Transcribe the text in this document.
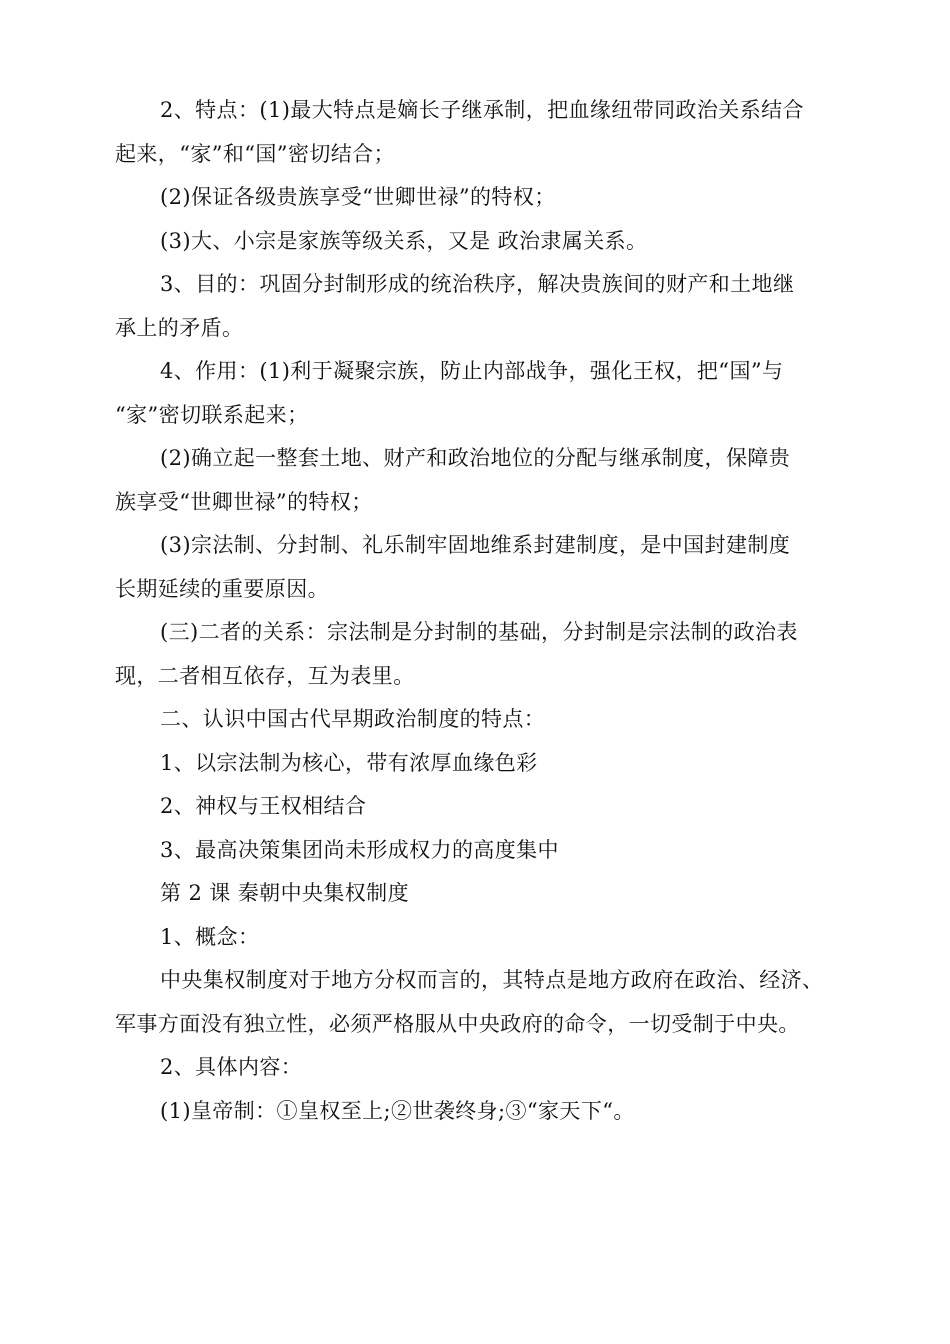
2、特点：(1)最大特点是嫡长子继承制，把血缘纽带同政治关系结合
起来，“家”和“国”密切结合；
(2)保证各级贵族享受“世卿世禄”的特权；
(3)大、小宗是家族等级关系，又是 政治隶属关系。
3、目的：巩固分封制形成的统治秩序，解决贵族间的财产和土地继
承上的矛盾。
4、作用：(1)利于凝聚宗族，防止内部战争，强化王权，把“国”与
“家”密切联系起来；
(2)确立起一整套土地、财产和政治地位的分配与继承制度，保障贵
族享受“世卿世禄”的特权；
(3)宗法制、分封制、礼乐制牢固地维系封建制度，是中国封建制度
长期延续的重要原因。
(三)二者的关系：宗法制是分封制的基础，分封制是宗法制的政治表
现，二者相互依存，互为表里。
二、认识中国古代早期政治制度的特点：
1、以宗法制为核心，带有浓厚血缘色彩
2、神权与王权相结合
3、最高决策集团尚未形成权力的高度集中
第 2 课 秦朝中央集权制度
1、概念：
中央集权制度对于地方分权而言的，其特点是地方政府在政治、经济、
军事方面没有独立性，必须严格服从中央政府的命令，一切受制于中央。
2、具体内容：
(1)皇帝制：①皇权至上;②世袭终身;③“家天下“。
